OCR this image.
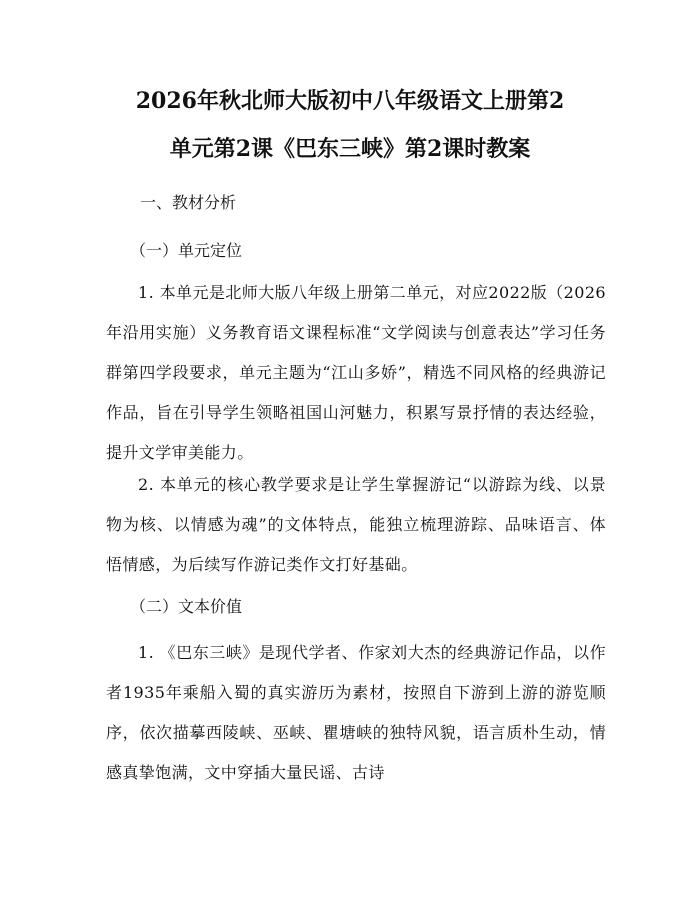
2026年秋北师大版初中八年级语文上册第2
单元第2课《巴东三峡》第2课时教案

一、教材分析

（一）单元定位

1. 本单元是北师大版八年级上册第二单元，对应2022版（2026年沿用实施）义务教育语文课程标准“文学阅读与创意表达”学习任务群第四学段要求，单元主题为“江山多娇”，精选不同风格的经典游记作品，旨在引导学生领略祖国山河魅力，积累写景抒情的表达经验，提升文学审美能力。

2. 本单元的核心教学要求是让学生掌握游记“以游踪为线、以景物为核、以情感为魂”的文体特点，能独立梳理游踪、品味语言、体悟情感，为后续写作游记类作文打好基础。

（二）文本价值

1. 《巴东三峡》是现代学者、作家刘大杰的经典游记作品，以作者1935年乘船入蜀的真实游历为素材，按照自下游到上游的游览顺序，依次描摹西陵峡、巫峡、瞿塘峡的独特风貌，语言质朴生动，情感真挚饱满，文中穿插大量民谣、古诗
